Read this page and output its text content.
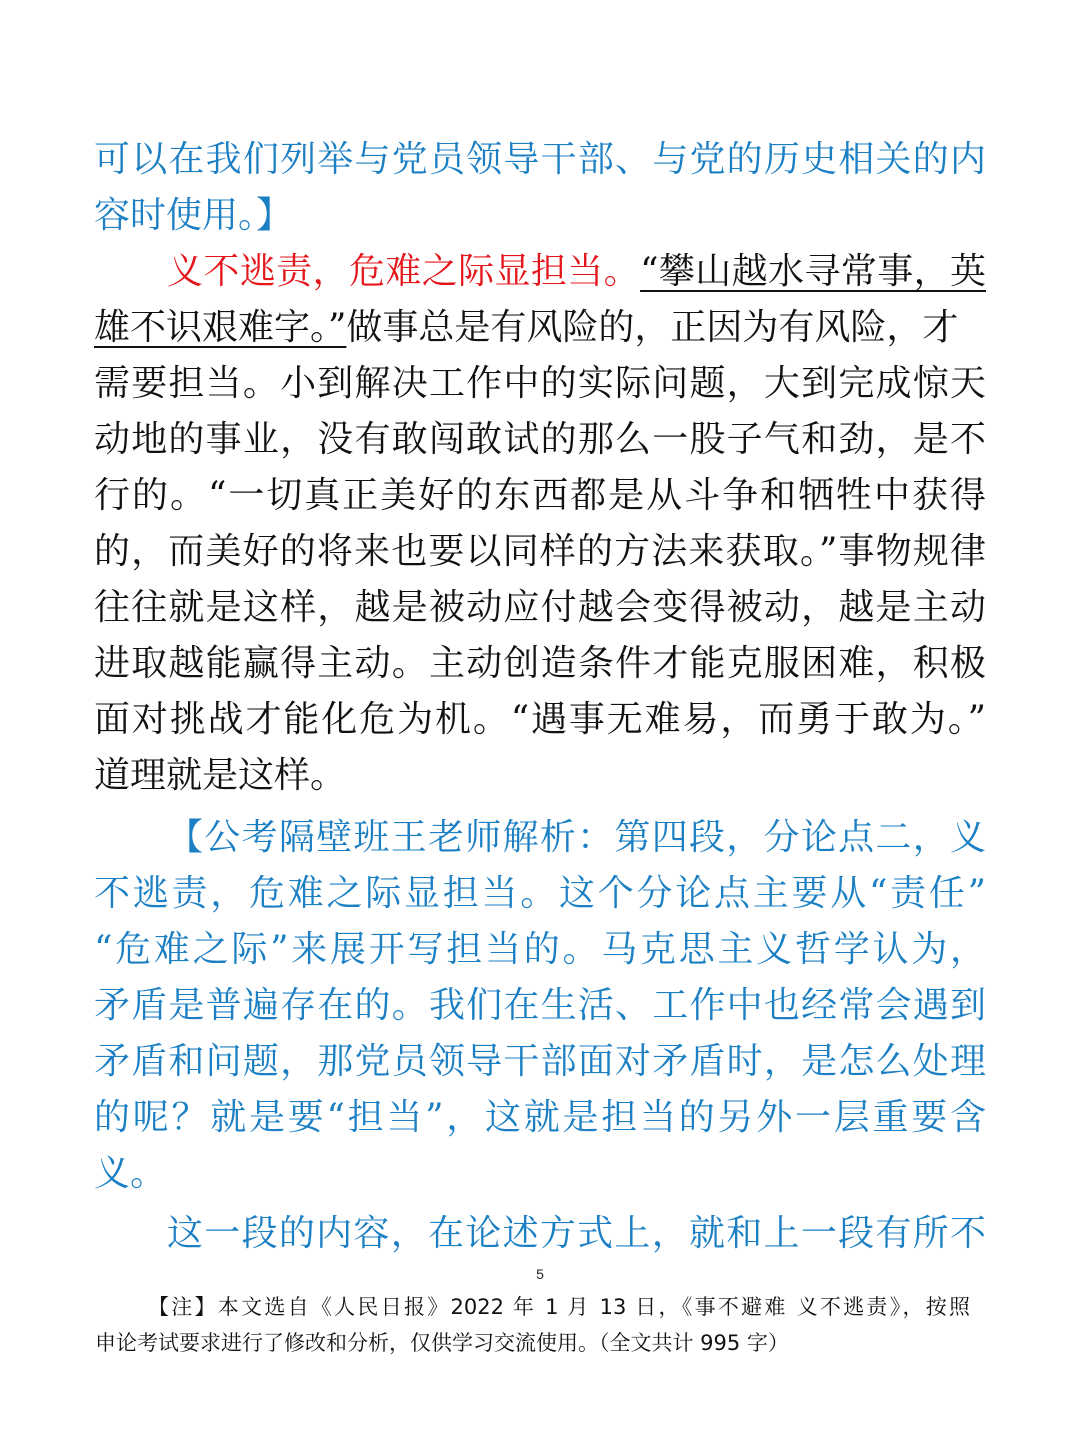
可以在我们列举与党员领导干部、与党的历史相关的内
容时使用。】
义不逃责，危难之际显担当。“攀山越水寻常事，英
雄不识艰难字。”做事总是有风险的，正因为有风险，才
需要担当。小到解决工作中的实际问题，大到完成惊天
动地的事业，没有敢闯敢试的那么一股子气和劲，是不
行的。“一切真正美好的东西都是从斗争和牺牲中获得
的，而美好的将来也要以同样的方法来获取。”事物规律
往往就是这样，越是被动应付越会变得被动，越是主动
进取越能赢得主动。主动创造条件才能克服困难，积极
面对挑战才能化危为机。“遇事无难易，而勇于敢为。”
道理就是这样。
【公考隔壁班王老师解析：第四段，分论点二，义
不逃责，危难之际显担当。这个分论点主要从“责任”
“危难之际”来展开写担当的。马克思主义哲学认为，
矛盾是普遍存在的。我们在生活、工作中也经常会遇到
矛盾和问题，那党员领导干部面对矛盾时，是怎么处理
的呢？就是要“担当”，这就是担当的另外一层重要含
义。
这一段的内容，在论述方式上，就和上一段有所不
5
【注】本文选自《人民日报》2022 年 1 月 13 日，《事不避难 义不逃责》，按照
申论考试要求进行了修改和分析，仅供学习交流使用。（全文共计 995 字）
